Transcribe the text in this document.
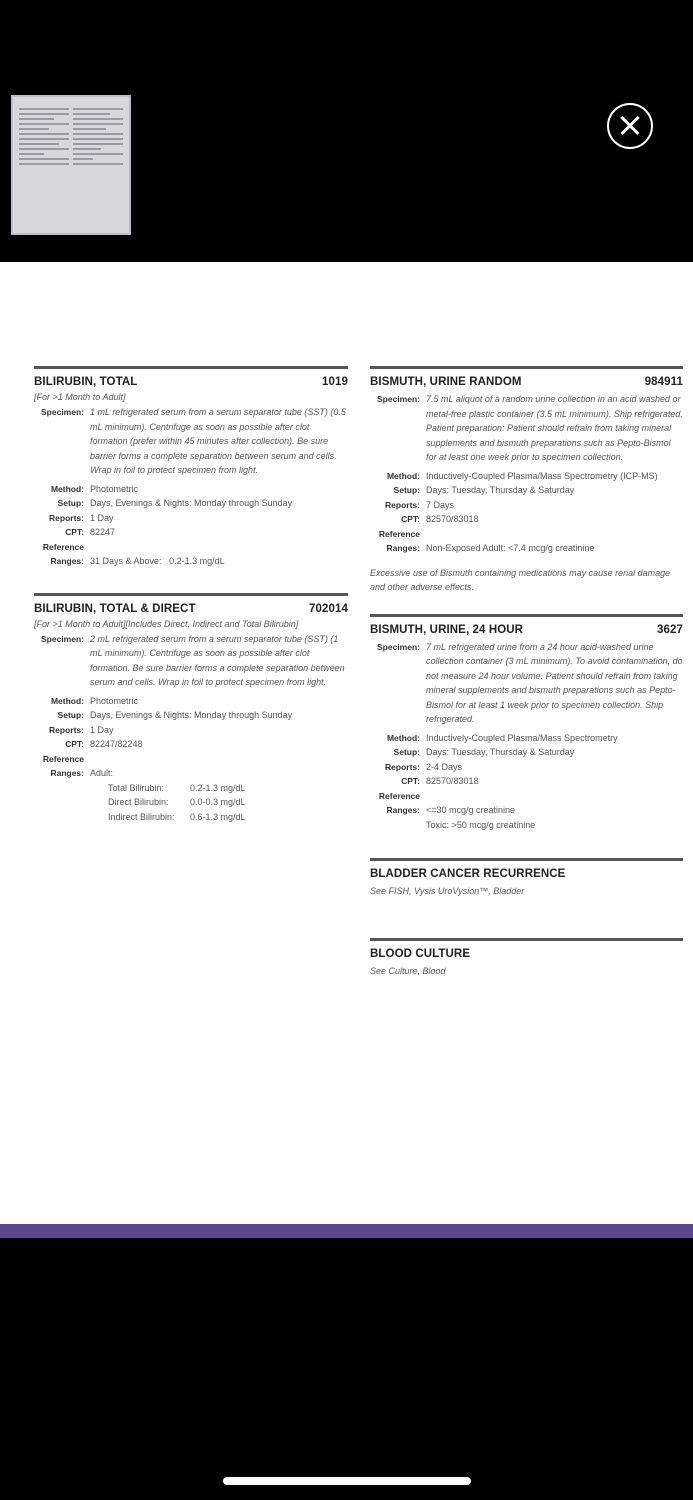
BILIRUBIN, TOTAL	1019
[For >1 Month to Adult]
Specimen: 1 mL refrigerated serum from a serum separator tube (SST) (0.5 mL minimum). Centrifuge as soon as possible after clot formation (prefer within 45 minutes after collection). Be sure barrier forms a complete separation between serum and cells. Wrap in foil to protect specimen from light.
Method: Photometric
Setup: Days, Evenings & Nights: Monday through Sunday
Reports: 1 Day
CPT: 82247
Reference
Ranges: 31 Days & Above: 0.2-1.3 mg/dL
BILIRUBIN, TOTAL & DIRECT	702014
[For >1 Month to Adult][Includes Direct, Indirect and Total Bilirubin]
Specimen: 2 mL refrigerated serum from a serum separator tube (SST) (1 mL minimum). Centrifuge as soon as possible after clot formation. Be sure barrier forms a complete separation between serum and cells. Wrap in foil to protect specimen from light.
Method: Photometric
Setup: Days, Evenings & Nights: Monday through Sunday
Reports: 1 Day
CPT: 82247/82248
Reference
Ranges: Adult:
Total Bilirubin:	0.2-1.3 mg/dL
Direct Bilirubin:	0.0-0.3 mg/dL
Indirect Bilirubin:	0.6-1.3 mg/dL
BISMUTH, URINE RANDOM	984911
Specimen: 7.5 mL aliquot of a random urine collection in an acid washed or metal-free plastic container (3.5 mL minimum). Ship refrigerated. Patient preparation: Patient should refrain from taking mineral supplements and bismuth preparations such as Pepto-Bismol for at least one week prior to specimen collection.
Method: Inductively-Coupled Plasma/Mass Spectrometry (ICP-MS)
Setup: Days: Tuesday, Thursday & Saturday
Reports: 7 Days
CPT: 82570/83018
Reference
Ranges: Non-Exposed Adult: <7.4 mcg/g creatinine
Excessive use of Bismuth containing medications may cause renal damage and other adverse effects.
BISMUTH, URINE, 24 HOUR	3627
Specimen: 7 mL refrigerated urine from a 24 hour acid-washed urine collection container (3 mL minimum). To avoid contamination, do not measure 24 hour volume. Patient should refrain from taking mineral supplements and bismuth preparations such as Pepto-Bismol for at least 1 week prior to specimen collection. Ship refrigerated.
Method: Inductively-Coupled Plasma/Mass Spectrometry
Setup: Days: Tuesday, Thursday & Saturday
Reports: 2-4 Days
CPT: 82570/83018
Reference
Ranges: <=30 mcg/g creatinine
Toxic: >50 mcg/g creatinine
BLADDER CANCER RECURRENCE
See FISH, Vysis UroVysion™, Bladder
BLOOD CULTURE
See Culture, Blood
